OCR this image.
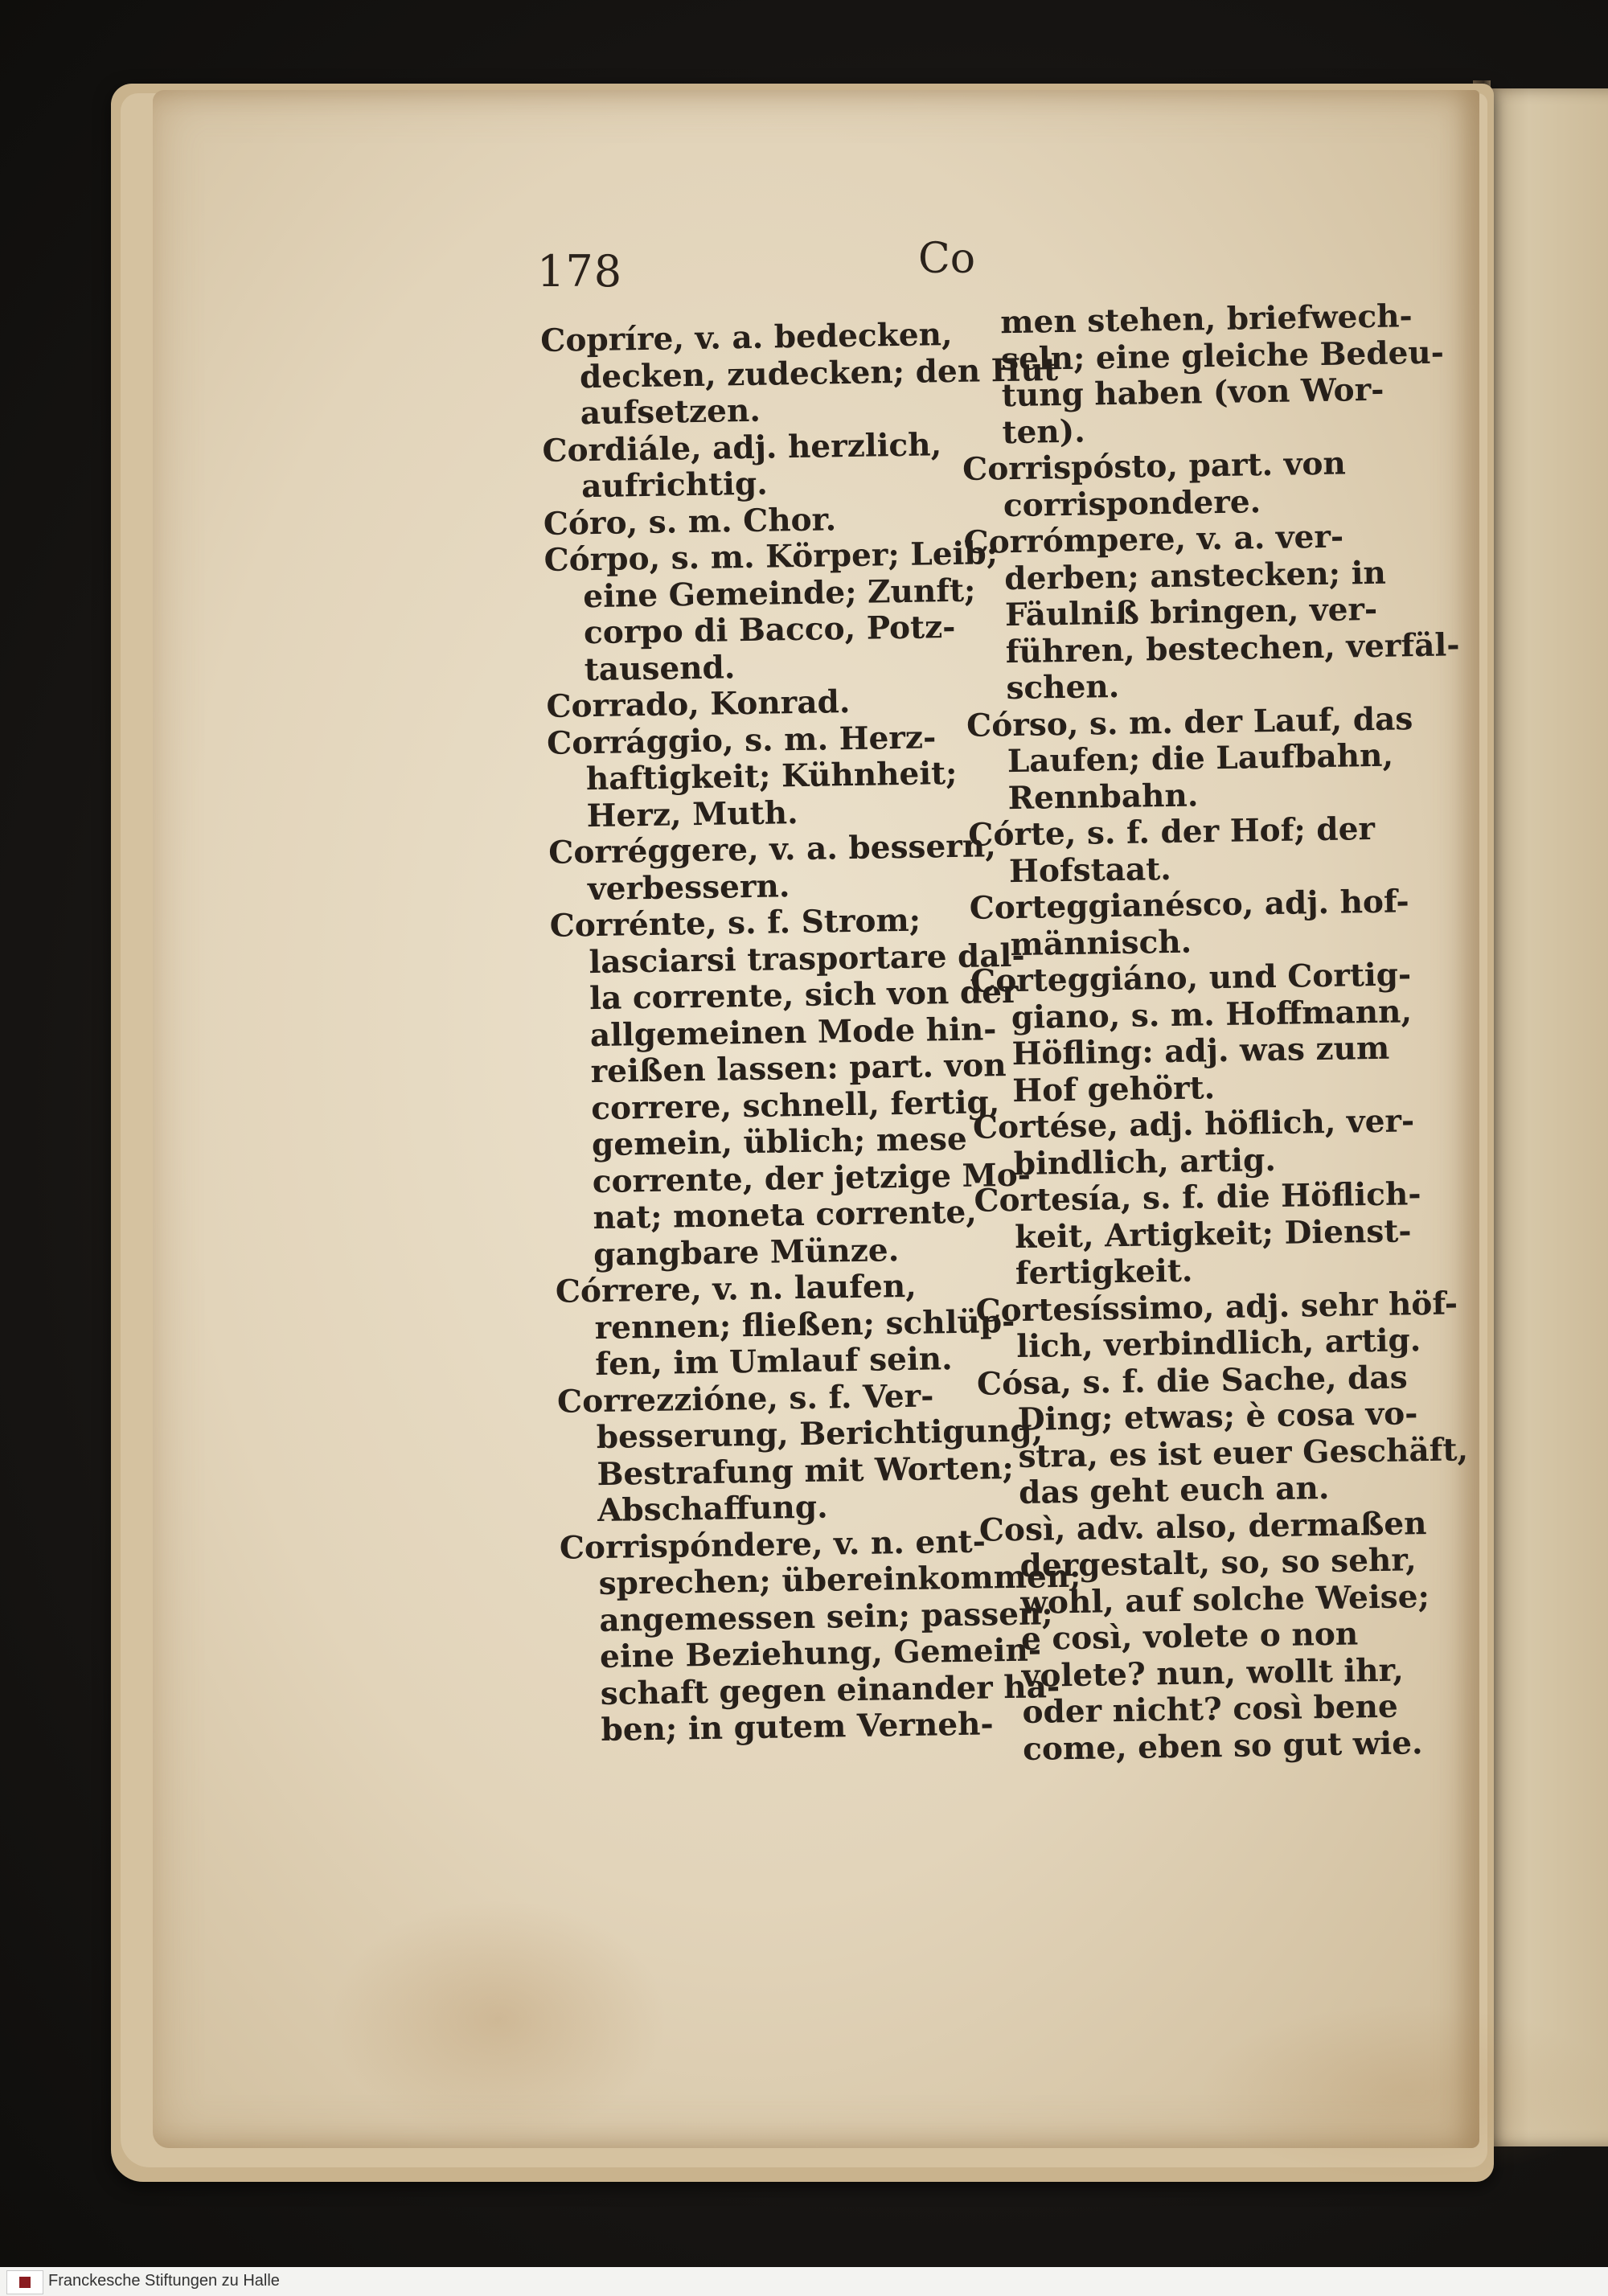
178	Co
Copríre, v. a. bedecken,
decken, zudecken; den Hut
aufsetzen.
Cordiále, adj. herzlich,
aufrichtig.
Córo, s. m. Chor.
Córpo, s. m. Körper; Leib;
eine Gemeinde; Zunft;
corpo di Bacco, Potz-
tausend.
Corrado, Konrad.
Corrággio, s. m. Herz-
haftigkeit; Kühnheit;
Herz, Muth.
Corréggere, v. a. bessern,
verbessern.
Corrénte, s. f. Strom;
lasciarsi trasportare dal-
la corrente, sich von der
allgemeinen Mode hin-
reißen lassen: part. von
correre, schnell, fertig,
gemein, üblich; mese
corrente, der jetzige Mo-
nat; moneta corrente,
gangbare Münze.
Córrere, v. n. laufen,
rennen; fließen; schlüp-
fen, im Umlauf sein.
Correzzióne, s. f. Ver-
besserung, Berichtigung,
Bestrafung mit Worten;
Abschaffung.
Corrispóndere, v. n. ent-
sprechen; übereinkommen;
angemessen sein; passen;
eine Beziehung, Gemein-
schaft gegen einander ha-
ben; in gutem Verneh-
men stehen, briefwech-
seln; eine gleiche Bedeu-
tung haben (von Wor-
ten).
Corrispósto, part. von
corrispondere.
Corrómpere, v. a. ver-
derben; anstecken; in
Fäulniß bringen, ver-
führen, bestechen, verfäl-
schen.
Córso, s. m. der Lauf, das
Laufen; die Laufbahn,
Rennbahn.
Córte, s. f. der Hof; der
Hofstaat.
Corteggianésco, adj. hof-
männisch.
Corteggiáno, und Cortig-
giano, s. m. Hoffmann,
Höfling: adj. was zum
Hof gehört.
Cortése, adj. höflich, ver-
bindlich, artig.
Cortesía, s. f. die Höflich-
keit, Artigkeit; Dienst-
fertigkeit.
Cortesíssimo, adj. sehr höf-
lich, verbindlich, artig.
Cósa, s. f. die Sache, das
Ding; etwas; è cosa vo-
stra, es ist euer Geschäft,
das geht euch an.
Così, adv. also, dermaßen
dergestalt, so, so sehr,
wohl, auf solche Weise;
e così, volete o non
volete? nun, wollt ihr,
oder nicht? così bene
come, eben so gut wie.
Franckesche Stiftungen zu Halle
